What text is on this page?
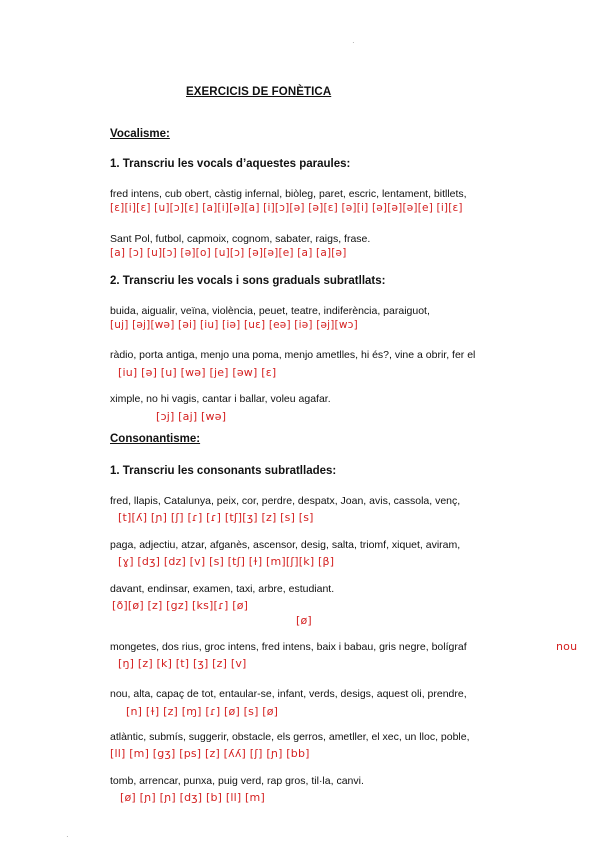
·
EXERCICIS DE FONÈTICA
Vocalisme:
1. Transcriu les vocals d’aquestes paraules:
fred intens, cub obert, càstig infernal, biòleg, paret, escric, lentament, bitllets,
[ɛ][i][ɛ] [u][ɔ][ɛ] [a][i][ə][a] [i][ɔ][ə] [ə][ɛ] [ə][i] [ə][ə][ə][e] [i][ɛ]
Sant Pol, futbol, capmoix, cognom, sabater, raigs, frase.
[a] [ɔ] [u][ɔ] [ə][o] [u][ɔ] [ə][ə][e] [a] [a][ə]
2. Transcriu les vocals i sons graduals subratllats:
buida, aigualir, veïna, violència, peuet, teatre, indiferència, paraiguot,
[uj] [əj][wə] [əi] [iu] [iə] [uɛ] [eə] [iə] [əj][wɔ]
ràdio, porta antiga, menjo una poma, menjo ametlles, hi és?, vine a obrir, fer el
[iu] [ə] [u] [wə] [je] [əw] [ɛ]
ximple, no hi vagis, cantar i ballar, voleu agafar.
[ɔj] [aj] [wə]
Consonantisme:
1. Transcriu les consonants subratllades:
fred, llapis, Catalunya, peix, cor, perdre, despatx, Joan, avis, cassola, venç,
[t][ʎ] [ɲ] [ʃ] [ɾ] [ɾ] [tʃ][ʒ] [z] [s] [s]
paga, adjectiu, atzar, afganès, ascensor, desig, salta, triomf, xiquet, aviram,
[ɣ] [dʒ] [dz] [v] [s] [tʃ] [ɫ] [m][ʃ][k] [β]
davant, endinsar, examen, taxi, arbre, estudiant.
[ð][ø] [z] [gz] [ks][ɾ] [ø]
[ø]
mongetes, dos rius, groc intens, fred intens, baix i babau, gris negre, bolígraf	nou
[ŋ] [z] [k] [t] [ʒ] [z] [v]
nou, alta, capaç de tot, entaular-se, infant, verds, desigs, aquest oli, prendre,
[n] [ɫ] [z] [ɱ] [ɾ] [ø] [s] [ø]
atlàntic, submís, suggerir, obstacle, els gerros, ametller, el xec, un lloc, poble,
[ll] [m] [gʒ] [ps] [z] [ʎʎ] [ʃ] [ɲ] [bb]
tomb, arrencar, punxa, puig verd, rap gros, til·la, canvi.
[ø] [ɲ] [ɲ] [dʒ] [b] [ll] [m]
·
